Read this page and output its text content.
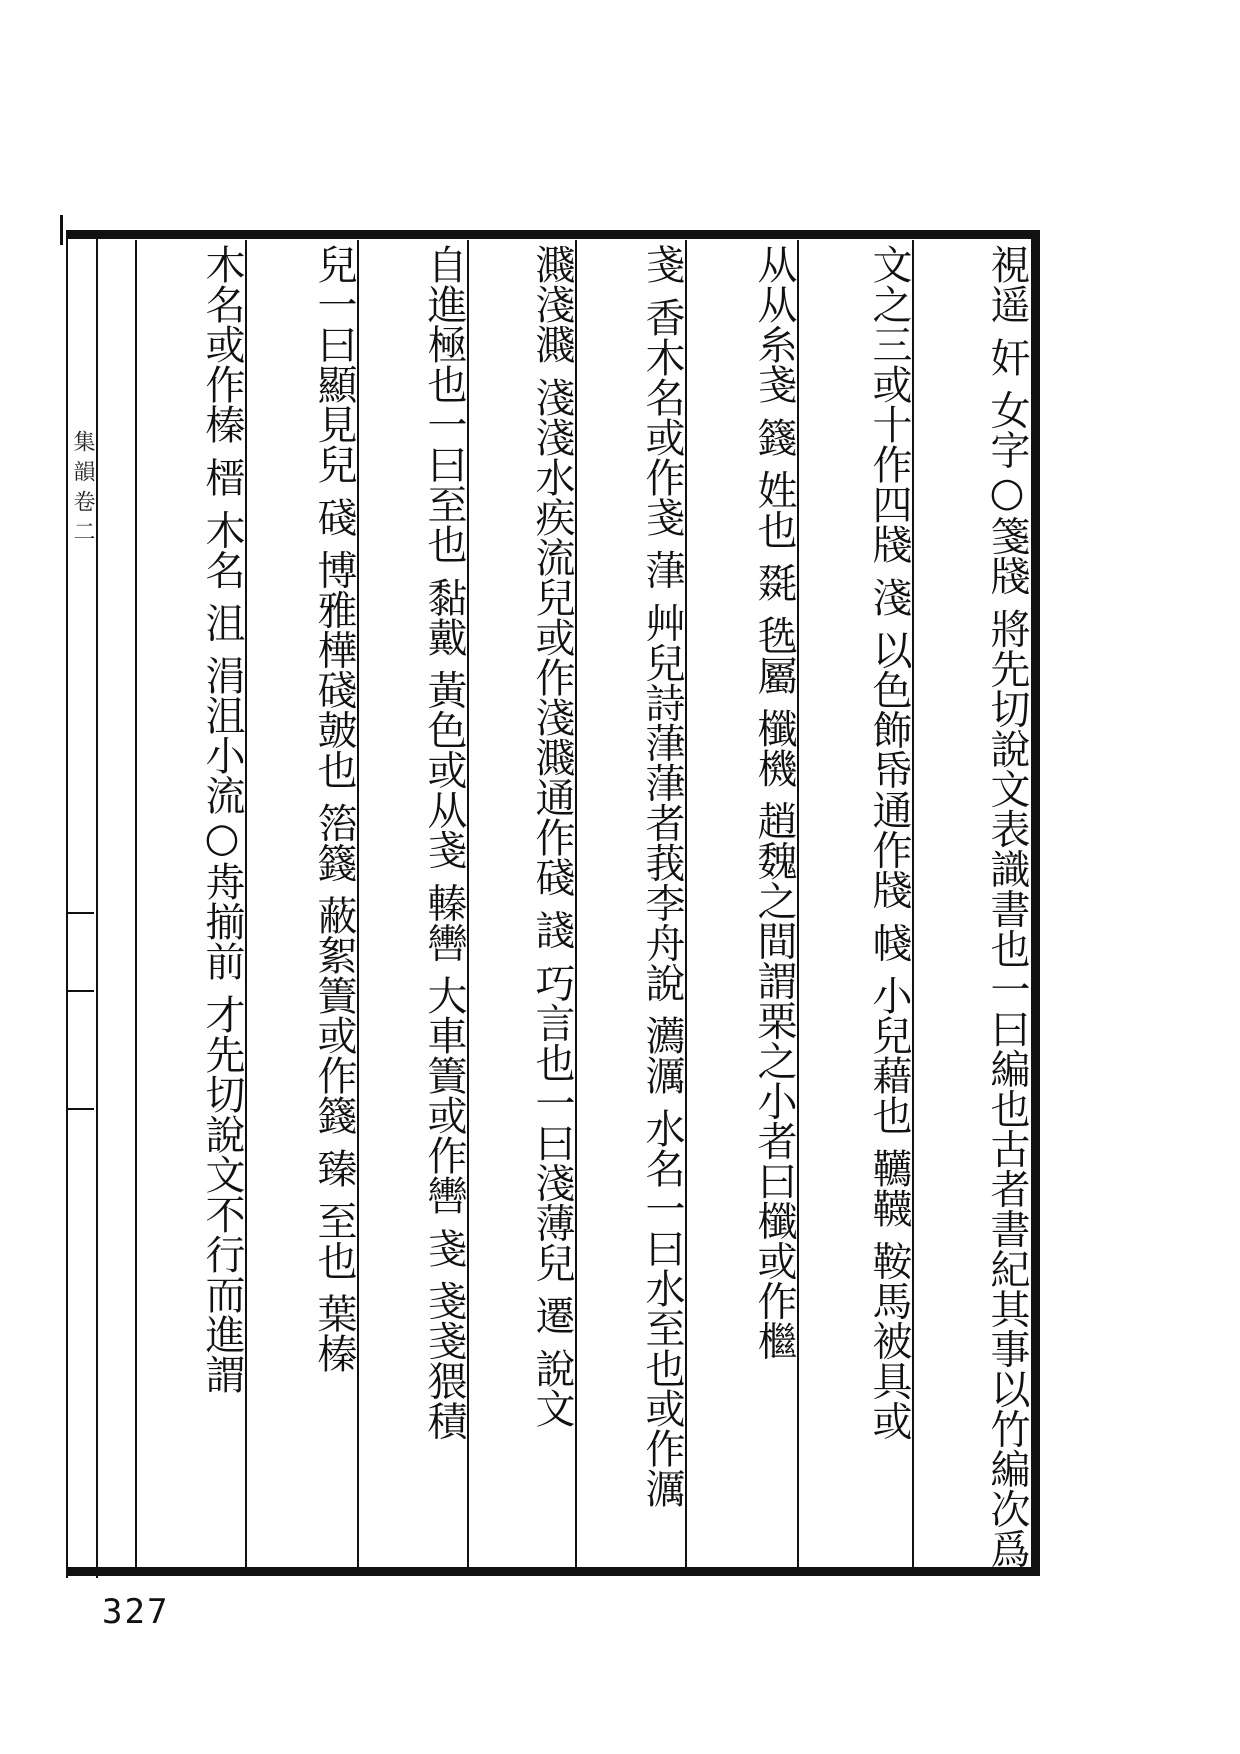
集韻卷二	視遥 奸 女字○箋牋 將先切說文表識書也一曰編也古者書紀其事以竹編次爲
文之三或十作四牋 淺 以色飾帋通作牋 帴 小兒藉也 韉韈 鞍馬被具或
从从糸戔 籛 姓也 毲 毨屬 櫼機 趙魏之間謂栗之小者曰櫼或作檵
戔 香木名或作戔 葏 艸兒詩葏葏者莪李舟說 瀳濿 水名一曰水至也或作濿
濺淺濺 淺淺水疾流兒或作淺濺通作碊 諓 巧言也一曰淺薄兒 遷 說文
自進極也一曰至也 黏戴 黃色或从戔 轃轡 大車簀或作轡 戔 戔戔猥積
兒一曰顯見兒 碊 博雅樺碊皷也 箈籛 蔽絮簀或作籛 臻 至也 葉榛
木名或作榛 榗 木名 沮 涓沮小流○歬揃前 才先切說文不行而進謂
327
